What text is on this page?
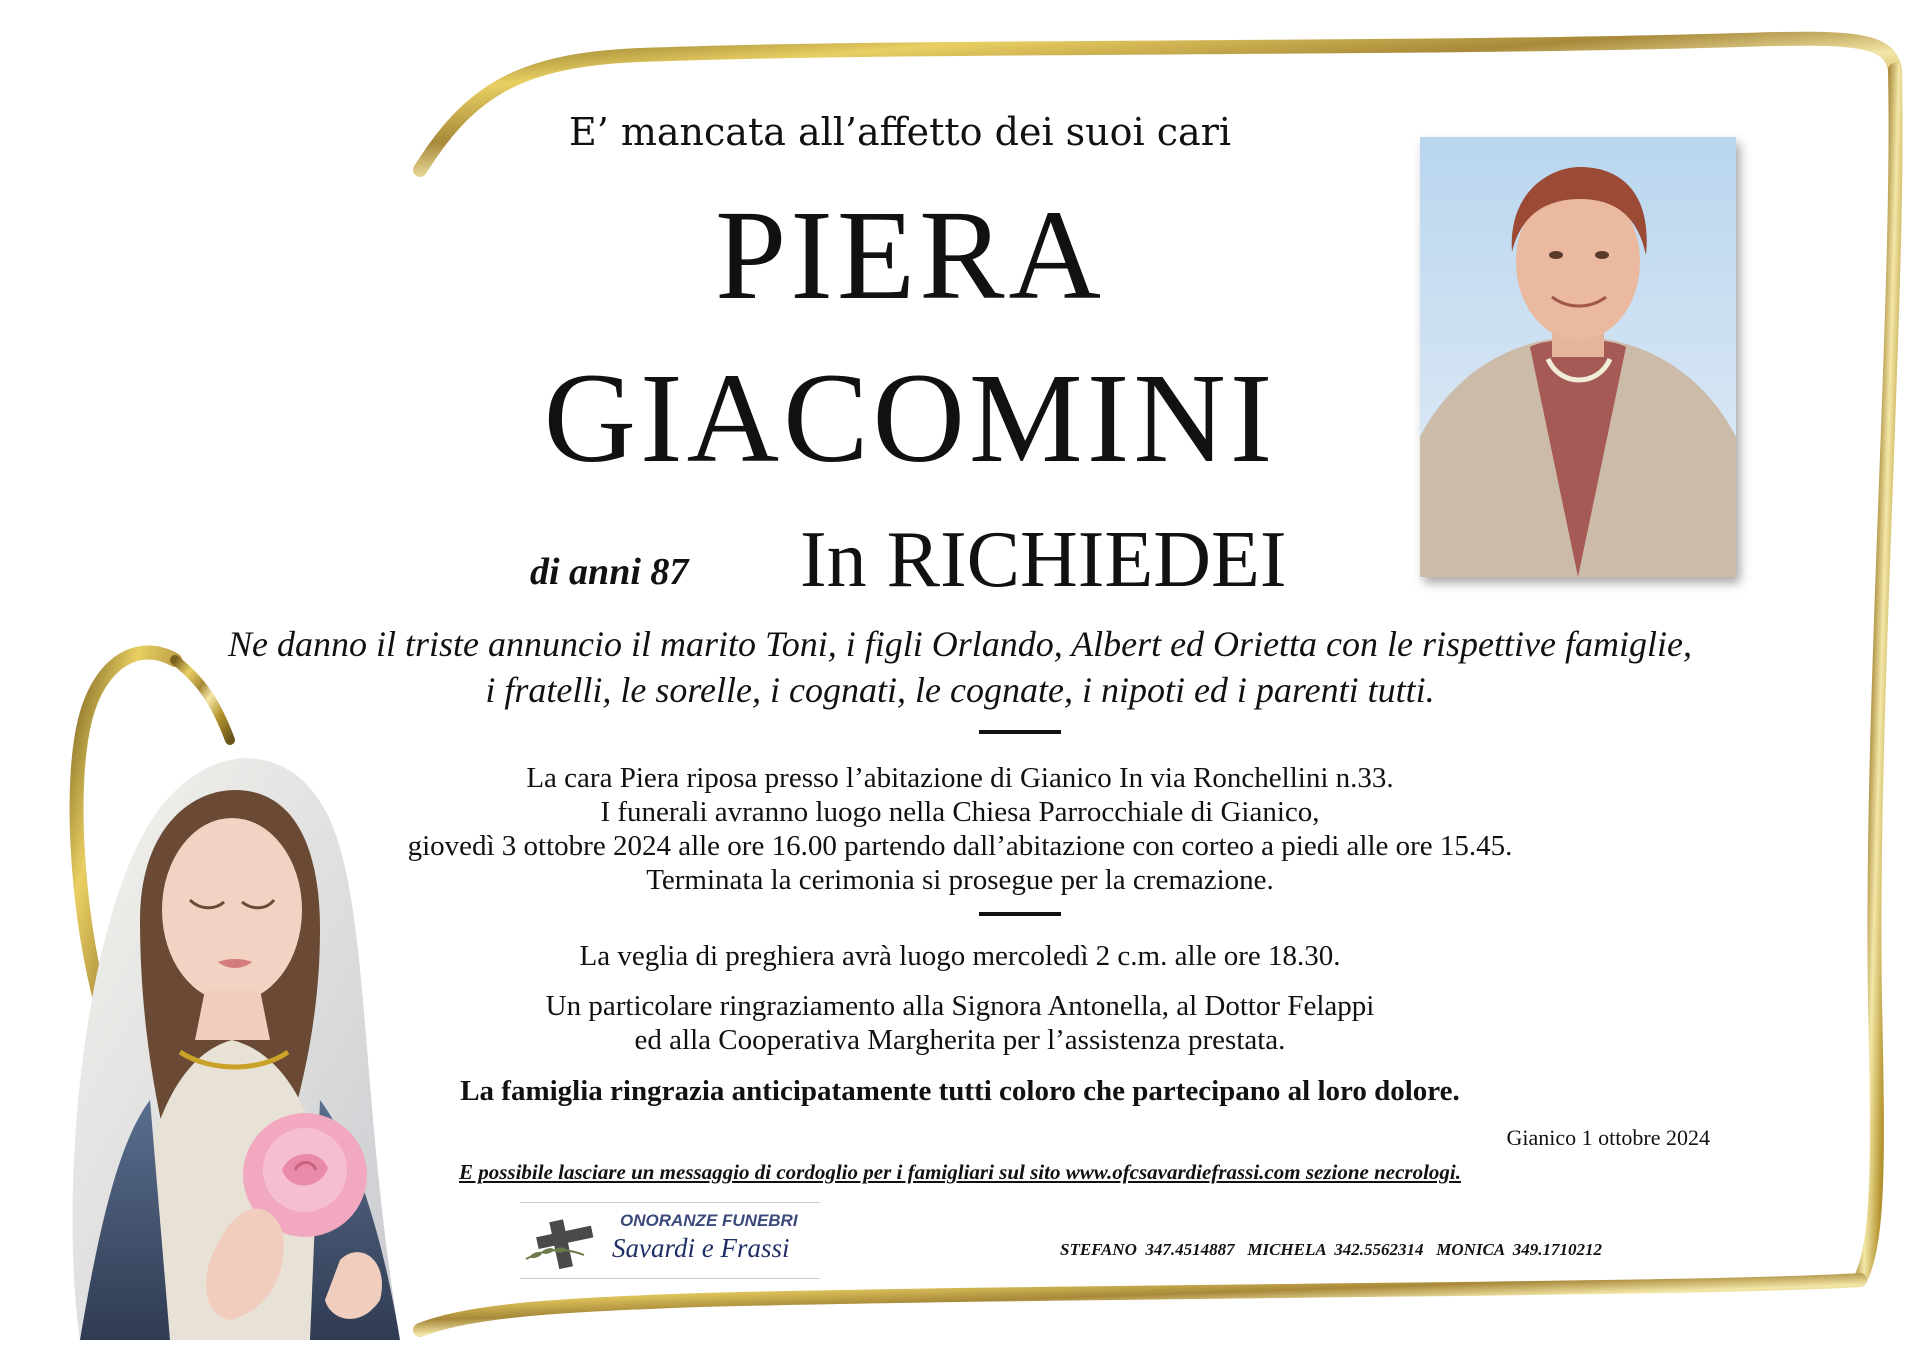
E’ mancata all’affetto dei suoi cari
PIERA
GIACOMINI
di anni 87 In RICHIEDEI
Ne danno il triste annuncio il marito Toni, i figli Orlando, Albert ed Orietta con le rispettive famiglie,
i fratelli, le sorelle, i cognati, le cognate, i nipoti ed i parenti tutti.
La cara Piera riposa presso l’abitazione di Gianico In via Ronchellini n.33.
I funerali avranno luogo nella Chiesa Parrocchiale di Gianico,
giovedì 3 ottobre 2024 alle ore 16.00 partendo dall’abitazione con corteo a piedi alle ore 15.45.
Terminata la cerimonia si prosegue per la cremazione.
La veglia di preghiera avrà luogo mercoledì 2 c.m. alle ore 18.30.
Un particolare ringraziamento alla Signora Antonella, al Dottor Felappi
ed alla Cooperativa Margherita per l’assistenza prestata.
La famiglia ringrazia anticipatamente tutti coloro che partecipano al loro dolore.
Gianico 1 ottobre 2024
E possibile lasciare un messaggio di cordoglio per i famigliari sul sito www.ofcsavardiefrassi.com sezione necrologi.
ONORANZE FUNEBRI
Savardi e Frassi	STEFANO  347.4514887   MICHELA  342.5562314   MONICA  349.1710212
